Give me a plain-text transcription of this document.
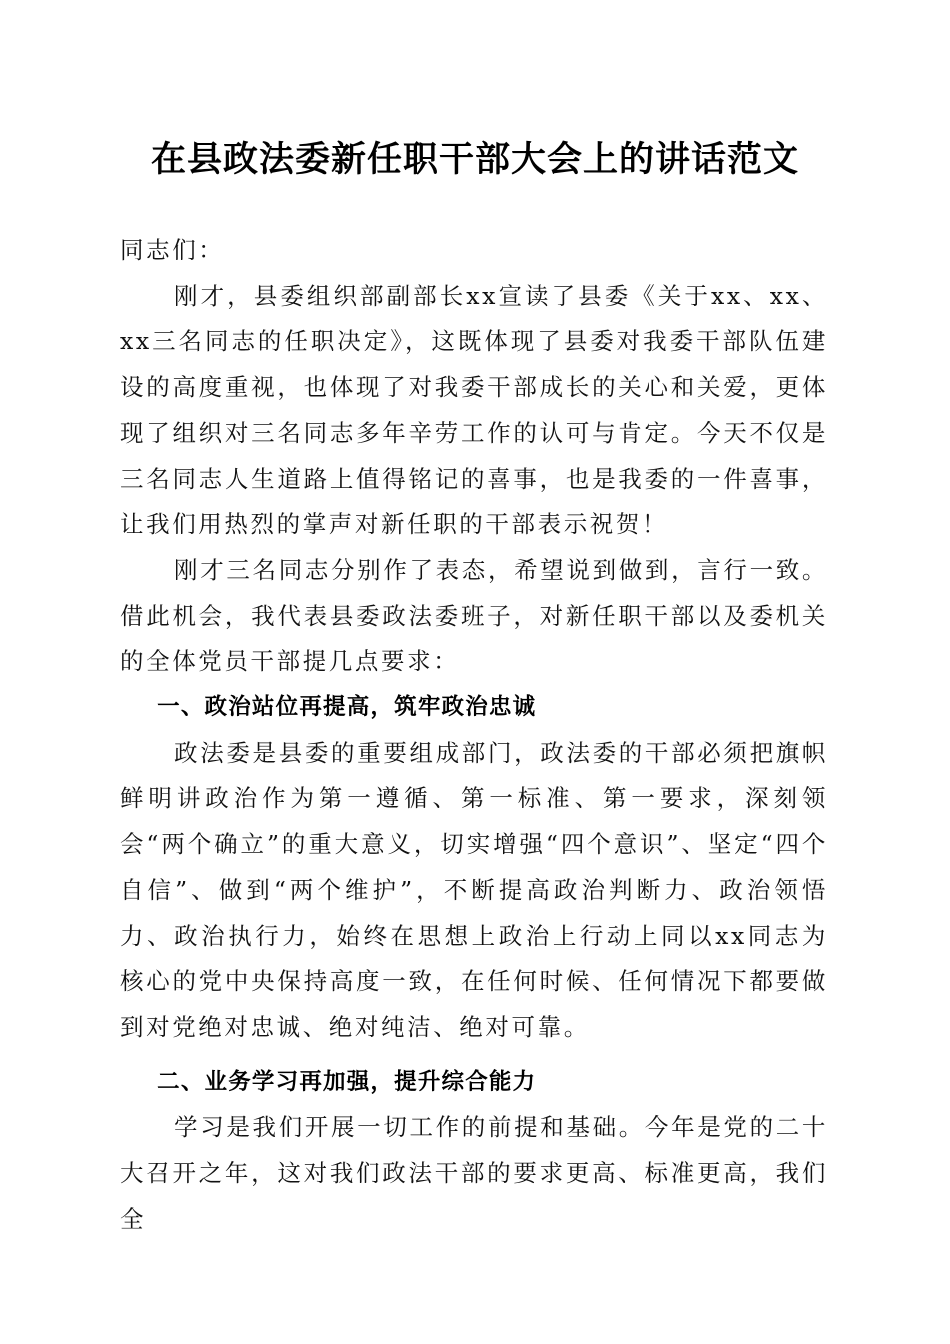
在县政法委新任职干部大会上的讲话范文

同志们：

刚才，县委组织部副部长xx宣读了县委《关于xx、xx、xx三名同志的任职决定》，这既体现了县委对我委干部队伍建设的高度重视，也体现了对我委干部成长的关心和关爱，更体现了组织对三名同志多年辛劳工作的认可与肯定。今天不仅是三名同志人生道路上值得铭记的喜事，也是我委的一件喜事，让我们用热烈的掌声对新任职的干部表示祝贺！

刚才三名同志分别作了表态，希望说到做到，言行一致。借此机会，我代表县委政法委班子，对新任职干部以及委机关的全体党员干部提几点要求：

一、政治站位再提高，筑牢政治忠诚

政法委是县委的重要组成部门，政法委的干部必须把旗帜鲜明讲政治作为第一遵循、第一标准、第一要求，深刻领会“两个确立”的重大意义，切实增强“四个意识”、坚定“四个自信”、做到“两个维护”，不断提高政治判断力、政治领悟力、政治执行力，始终在思想上政治上行动上同以xx同志为核心的党中央保持高度一致，在任何时候、任何情况下都要做到对党绝对忠诚、绝对纯洁、绝对可靠。

二、业务学习再加强，提升综合能力

学习是我们开展一切工作的前提和基础。今年是党的二十大召开之年，这对我们政法干部的要求更高、标准更高，我们全
